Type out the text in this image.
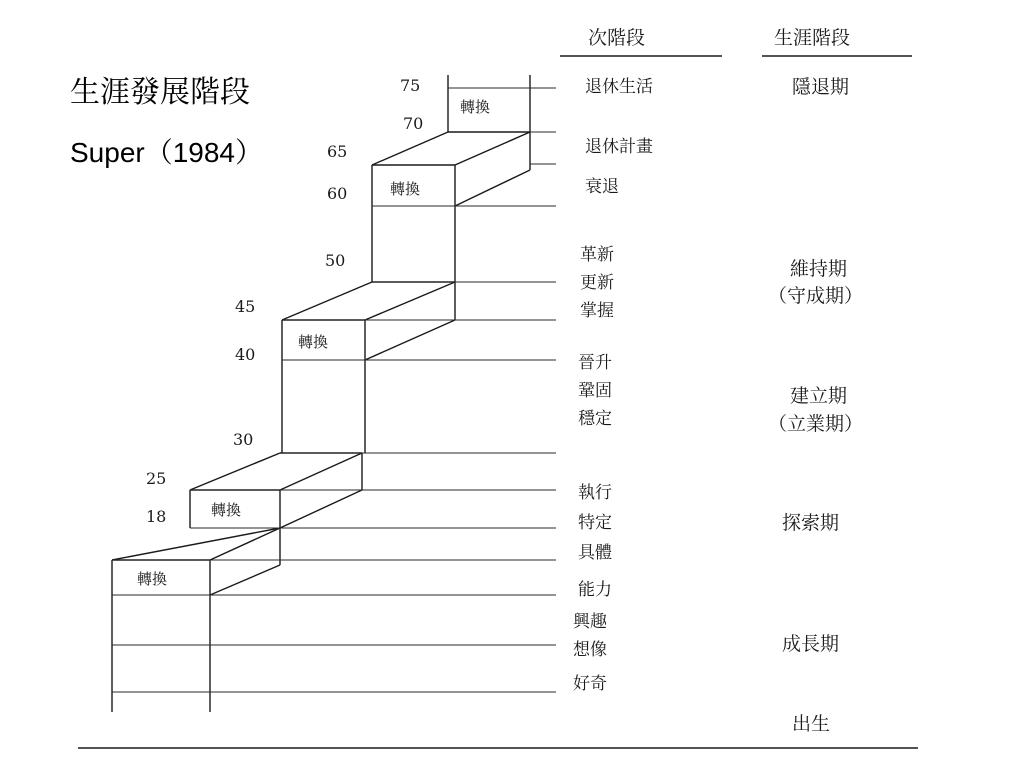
生涯發展階段
Super（1984）
次階段	生涯階段
轉換
轉換
轉換
轉換
轉換
75
70
65
60
50
45
40
30
25
18
退休生活
退休計畫
衰退
革新
更新
掌握
晉升
鞏固
穩定
執行
特定
具體
能力
興趣
想像
好奇
隱退期
維持期
（守成期）
建立期
（立業期）
探索期
成長期
出生
